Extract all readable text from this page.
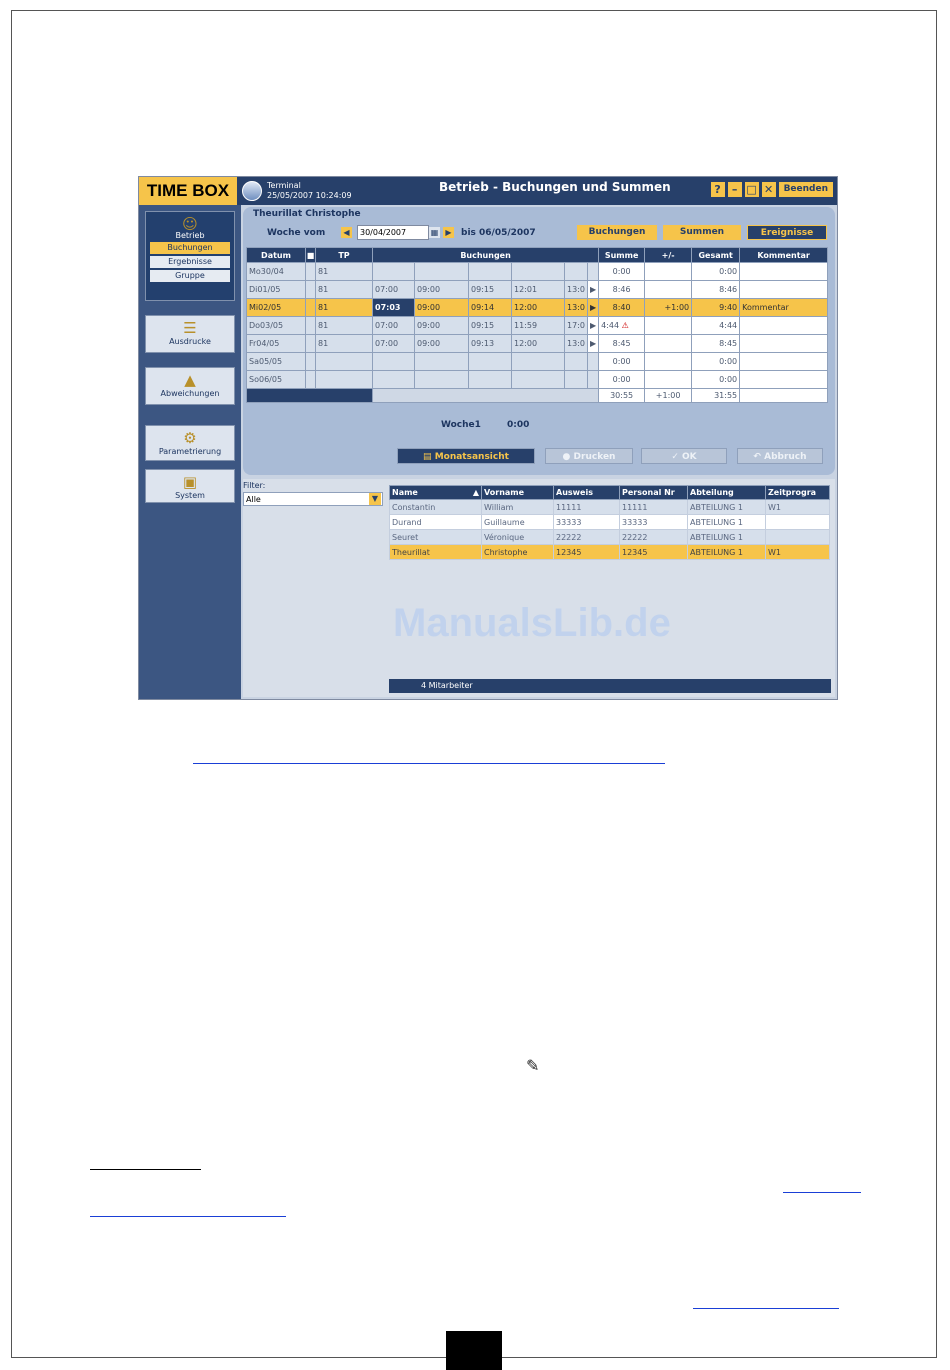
TIME BOX	Terminal
25/05/2007 10:24:09
Betrieb - Buchungen und Summen	?	– □ ✕	Beenden
☺
Betrieb
Buchungen
Ergebnisse
Gruppe
☰
Ausdrucke
▲
Abweichungen
⚙
Parametrierung
▣
System
Theurillat Christophe
Woche vom	◀	30/04/2007	▦ ▶ bis 06/05/2007	Buchungen	Summen	Ereignisse
Datum	■	TP	Buchungen						Summe	+/-	Gesamt	Kommentar
Mo30/04		81							0:00		0:00	
Di01/05		81	07:00	09:00	09:15	12:01	13:0	▶	8:46		8:46	
Mi02/05		81	07:03	09:00	09:14	12:00	13:0	▶	8:40	+1:00	9:40	Kommentar
Do03/05		81	07:00	09:00	09:15	11:59	17:0	▶	4:44 ⚠		4:44	
Fr04/05		81	07:00	09:00	09:13	12:00	13:0	▶	8:45		8:45	
Sa05/05									0:00		0:00	
So06/05									0:00		0:00	
									30:55	+1:00	31:55	
Woche1	0:00
▤ Monatsansicht	● Drucken	✓ OK	↶ Abbruch
Filter:
Alle	▼
ManualsLib.de
Name ▲	Vorname	Ausweis	Personal Nr	Abteilung	Zeitprogra
Constantin	William	11111	11111	ABTEILUNG 1	W1
Durand	Guillaume	33333	33333	ABTEILUNG 1	
Seuret	Véronique	22222	22222	ABTEILUNG 1	
Theurillat	Christophe	12345	12345	ABTEILUNG 1	W1
4 Mitarbeiter
✎
